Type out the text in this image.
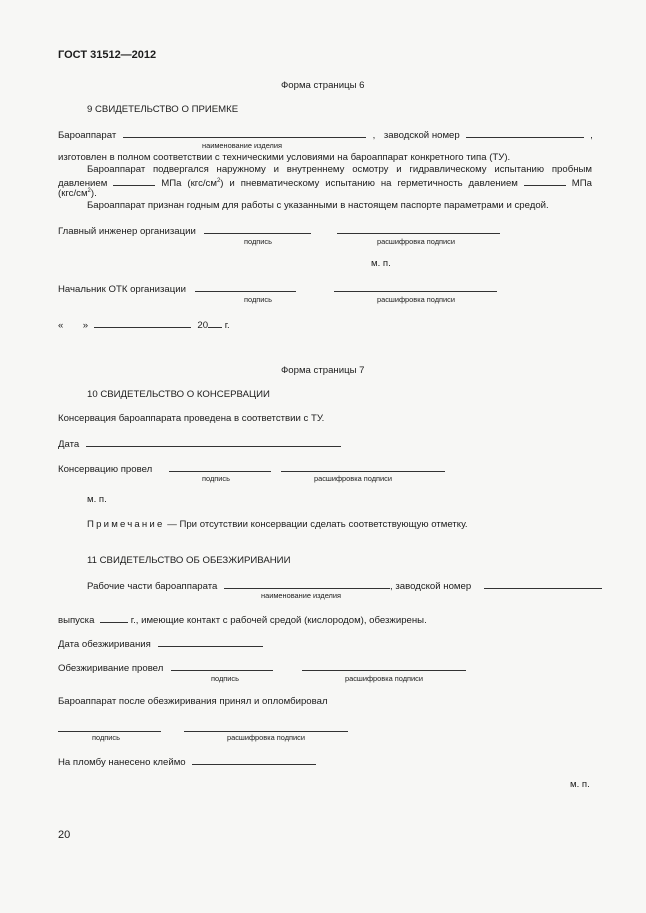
ГОСТ 31512—2012
Форма страницы 6
9 СВИДЕТЕЛЬСТВО О ПРИЕМКЕ
Бароаппарат	, заводской номер	,
наименование изделия
изготовлен в полном соответствии с техническими условиями на бароаппарат конкретного типа (ТУ).
Бароаппарат подвергался наружному и внутреннему осмотру и гидравлическому испытанию пробным
давлением	МПа $(кгс/см^2)$ и пневматическому испытанию на герметичность давлением	МПа
$(кгс/см^2)$.
Бароаппарат признан годным для работы с указанными в настоящем паспорте параметрами и средой.
Главный инженер организации
подпись	расшифровка подписи
м. п.
Начальник ОТК организации
подпись	расшифровка подписи
« »	20 г.
Форма страницы 7
10 СВИДЕТЕЛЬСТВО О КОНСЕРВАЦИИ
Консервация бароаппарата проведена в соответствии с ТУ.
Дата
Консервацию провел
подпись	расшифровка подписи
м. п.
Примечание — При отсутствии консервации сделать соответствующую отметку.
11 СВИДЕТЕЛЬСТВО ОБ ОБЕЗЖИРИВАНИИ
Рабочие части бароаппарата	, заводской номер
наименование изделия
выпуска	г., имеющие контакт с рабочей средой (кислородом), обезжирены.
Дата обезжиривания
Обезжиривание провел
подпись	расшифровка подписи
Бароаппарат после обезжиривания принял и опломбировал

подпись	расшифровка подписи
На пломбу нанесено клеймо
м. п.
20
